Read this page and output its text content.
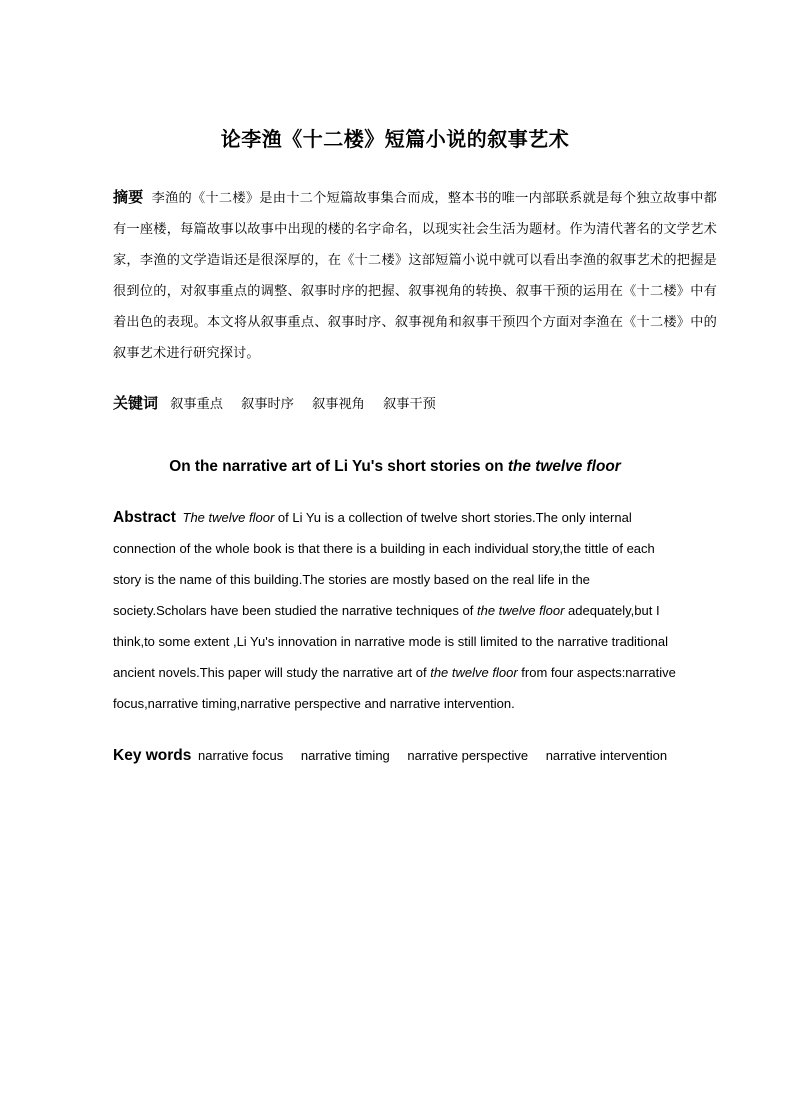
论李渔《十二楼》短篇小说的叙事艺术
摘要 李渔的《十二楼》是由十二个短篇故事集合而成，整本书的唯一内部联系就是每个独立故事中都有一座楼，每篇故事以故事中出现的楼的名字命名，以现实社会生活为题材。作为清代著名的文学艺术家，李渔的文学造诣还是很深厚的，在《十二楼》这部短篇小说中就可以看出李渔的叙事艺术的把握是很到位的，对叙事重点的调整、叙事时序的把握、叙事视角的转换、叙事干预的运用在《十二楼》中有着出色的表现。本文将从叙事重点、叙事时序、叙事视角和叙事干预四个方面对李渔在《十二楼》中的叙事艺术进行研究探讨。
关键词 叙事重点 叙事时序 叙事视角 叙事干预
On the narrative art of Li Yu's short stories on the twelve floor
Abstract The twelve floor of Li Yu is a collection of twelve short stories.The only internal
connection of the whole book is that there is a building in each individual story,the tittle of each
story is the name of this building.The stories are mostly based on the real life in the
society.Scholars have been studied the narrative techniques of the twelve floor adequately,but I
think,to some extent ,Li Yu's innovation in narrative mode is still limited to the narrative traditional
ancient novels.This paper will study the narrative art of the twelve floor from four aspects:narrative
focus,narrative timing,narrative perspective and narrative intervention.
Key words narrative focus narrative timing narrative perspective narrative intervention
